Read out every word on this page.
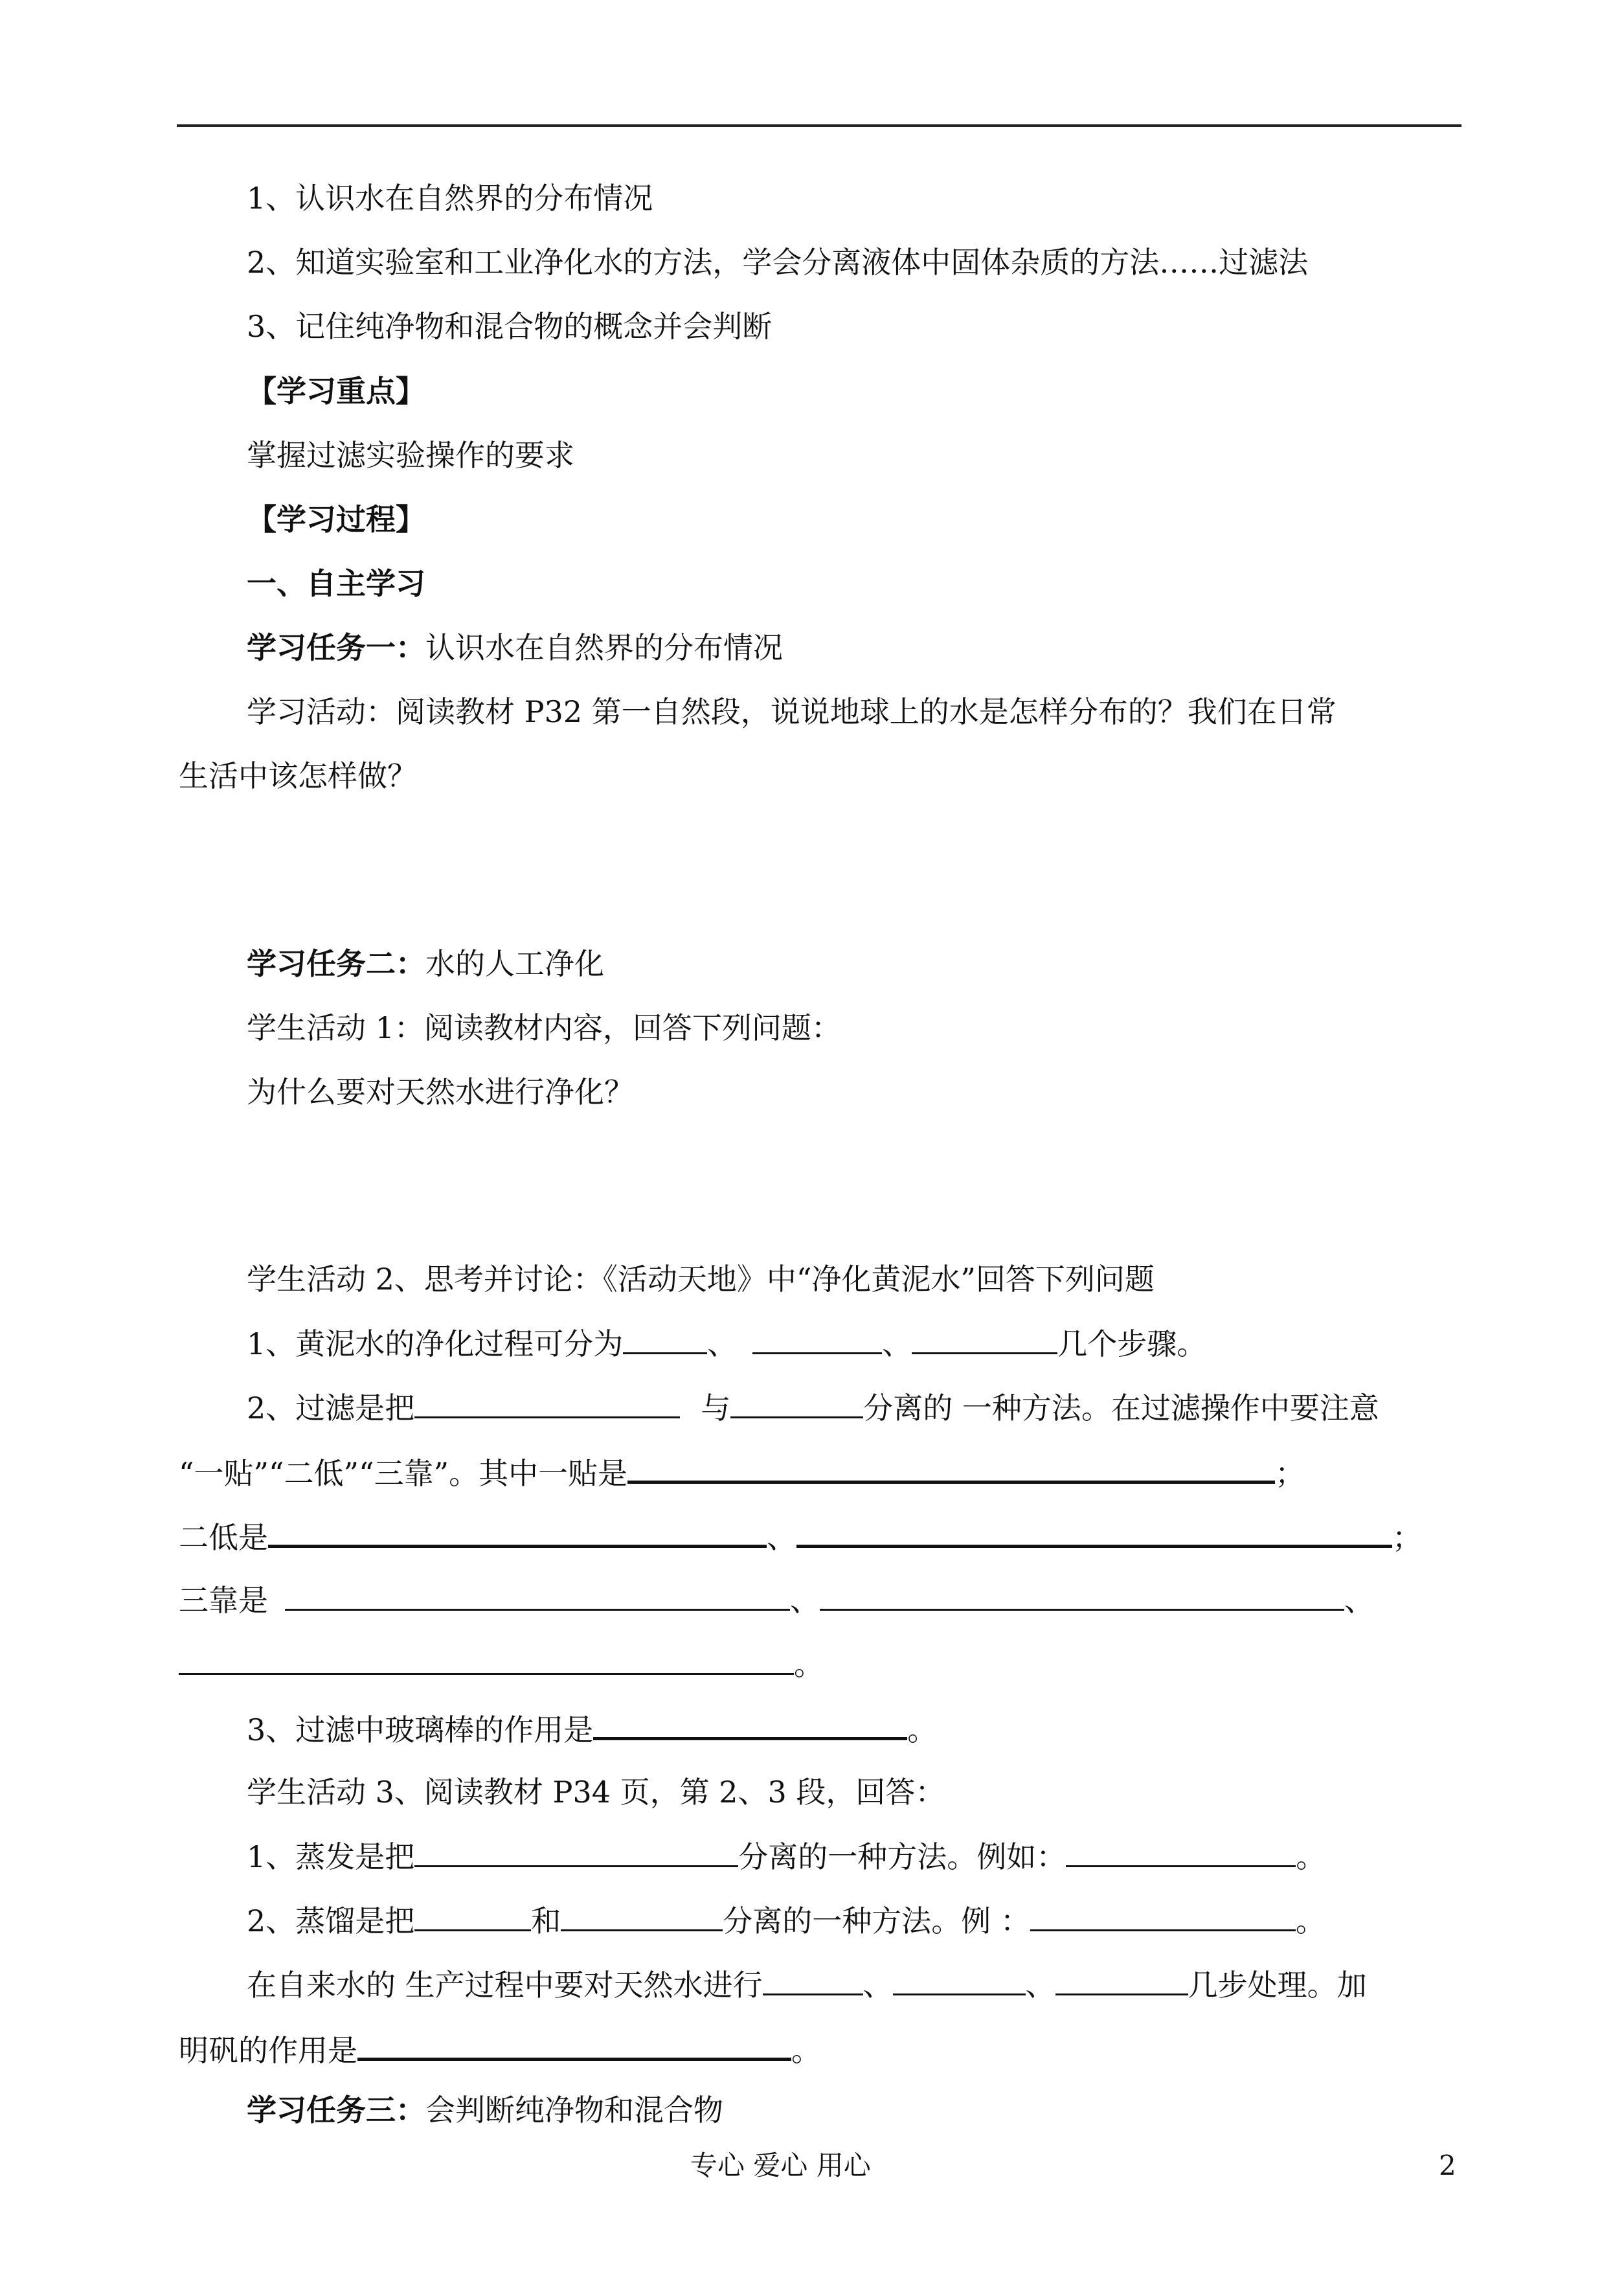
1、认识水在自然界的分布情况
2、知道实验室和工业净化水的方法，学会分离液体中固体杂质的方法……过滤法
3、记住纯净物和混合物的概念并会判断
【学习重点】
掌握过滤实验操作的要求
【学习过程】
一、自主学习
学习任务一：认识水在自然界的分布情况
学习活动：阅读教材 P32 第一自然段，说说地球上的水是怎样分布的？我们在日常
生活中该怎样做？
学习任务二：水的人工净化
学生活动 1：阅读教材内容，回答下列问题：
为什么要对天然水进行净化？
学生活动 2、思考并讨论：《活动天地》中“净化黄泥水”回答下列问题
1、黄泥水的净化过程可分为	、	、	几个步骤。
2、过滤是把	与	分离的 一种方法。在过滤操作中要注意
“一贴”“二低”“三靠”。其中一贴是	；
二低是	、	；
三靠是	、	、
。
3、过滤中玻璃棒的作用是	。
学生活动 3、阅读教材 P34 页，第 2、3 段，回答：
1、蒸发是把	分离的一种方法。例如：	。
2、蒸馏是把	和	分离的一种方法。例 ：	。
在自来水的 生产过程中要对天然水进行	、	、	几步处理。加
明矾的作用是	。
学习任务三：会判断纯净物和混合物
专心 爱心 用心	2
